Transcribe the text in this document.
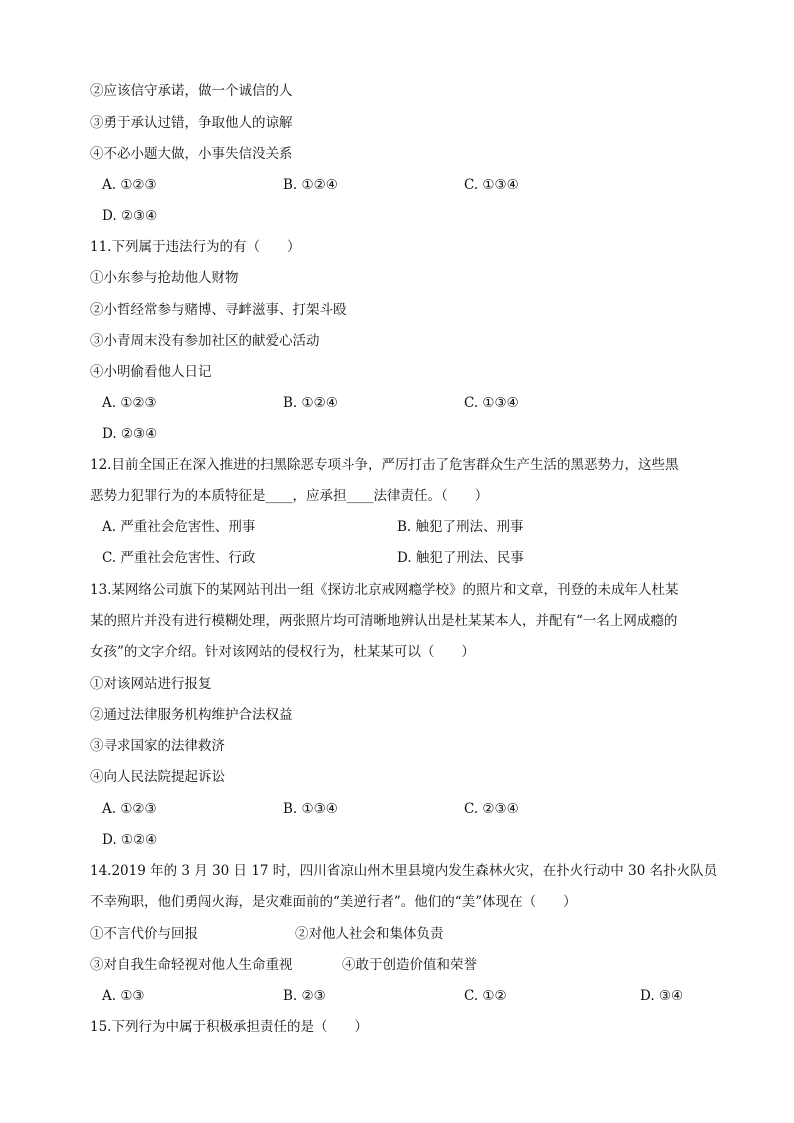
②应该信守承诺，做一个诚信的人
③勇于承认过错，争取他人的谅解
④不必小题大做，小事失信没关系
A. ①②③	B. ①②④	C. ①③④
D. ②③④
11.下列属于违法行为的有（　　）
①小东参与抢劫他人财物
②小哲经常参与赌博、寻衅滋事、打架斗殴
③小青周末没有参加社区的献爱心活动
④小明偷看他人日记
A. ①②③	B. ①②④	C. ①③④
D. ②③④
12.目前全国正在深入推进的扫黑除恶专项斗争，严厉打击了危害群众生产生活的黑恶势力，这些黑
恶势力犯罪行为的本质特征是____，应承担____法律责任。（　　）
A. 严重社会危害性、刑事	B. 触犯了刑法、刑事
C. 严重社会危害性、行政	D. 触犯了刑法、民事
13.某网络公司旗下的某网站刊出一组《探访北京戒网瘾学校》的照片和文章，刊登的未成年人杜某
某的照片并没有进行模糊处理，两张照片均可清晰地辨认出是杜某某本人，并配有“一名上网成瘾的
女孩”的文字介绍。针对该网站的侵权行为，杜某某可以（　　）
①对该网站进行报复
②通过法律服务机构维护合法权益
③寻求国家的法律救济
④向人民法院提起诉讼
A. ①②③	B. ①③④	C. ②③④
D. ①②④
14.2019 年的 3 月 30 日 17 时，四川省凉山州木里县境内发生森林火灾，在扑火行动中 30 名扑火队员
不幸殉职，他们勇闯火海，是灾难面前的“美逆行者”。他们的“美”体现在（　　）
①不言代价与回报	②对他人社会和集体负责
③对自我生命轻视对他人生命重视	④敢于创造价值和荣誉
A. ①③	B. ②③	C. ①②	D. ③④
15.下列行为中属于积极承担责任的是（　　）
